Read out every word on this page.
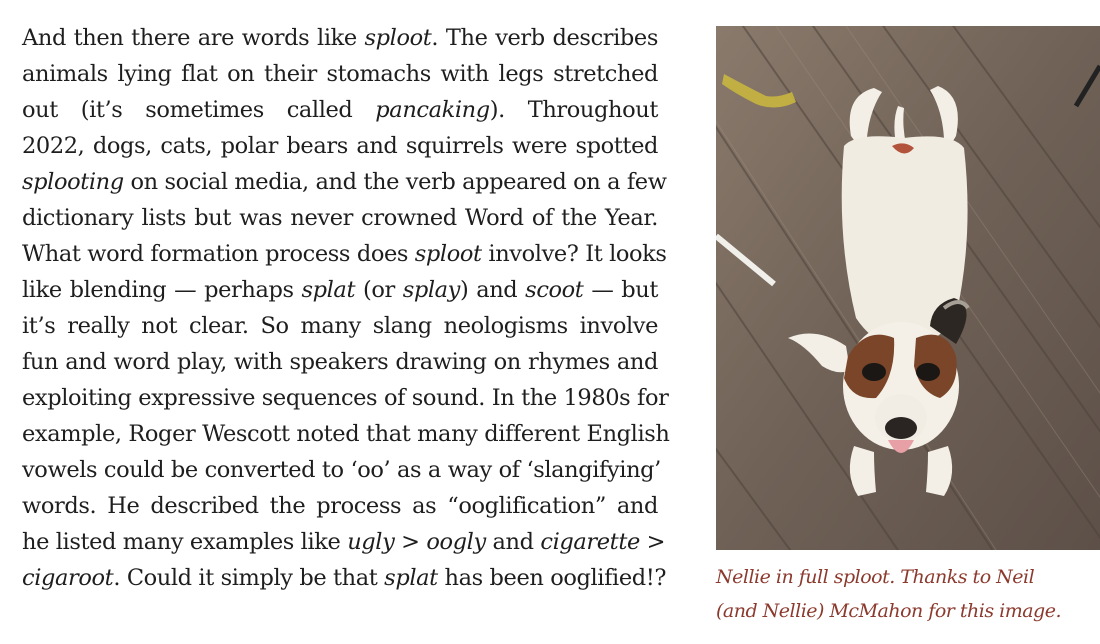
And then there are words like sploot. The verb describes
animals lying flat on their stomachs with legs stretched
out (it’s sometimes called pancaking). Throughout
2022, dogs, cats, polar bears and squirrels were spotted
splooting on social media, and the verb appeared on a few
dictionary lists but was never crowned Word of the Year.
What word formation process does sploot involve? It looks
like blending — perhaps splat (or splay) and scoot — but
it’s really not clear. So many slang neologisms involve
fun and word play, with speakers drawing on rhymes and
exploiting expressive sequences of sound. In the 1980s for
example, Roger Wescott noted that many different English
vowels could be converted to ‘oo’ as a way of ‘slangifying’
words. He described the process as “ooglification” and
he listed many examples like ugly > oogly and cigarette >
cigaroot. Could it simply be that splat has been ooglified!?	Nellie in full sploot. Thanks to Neil
(and Nellie) McMahon for this image.
